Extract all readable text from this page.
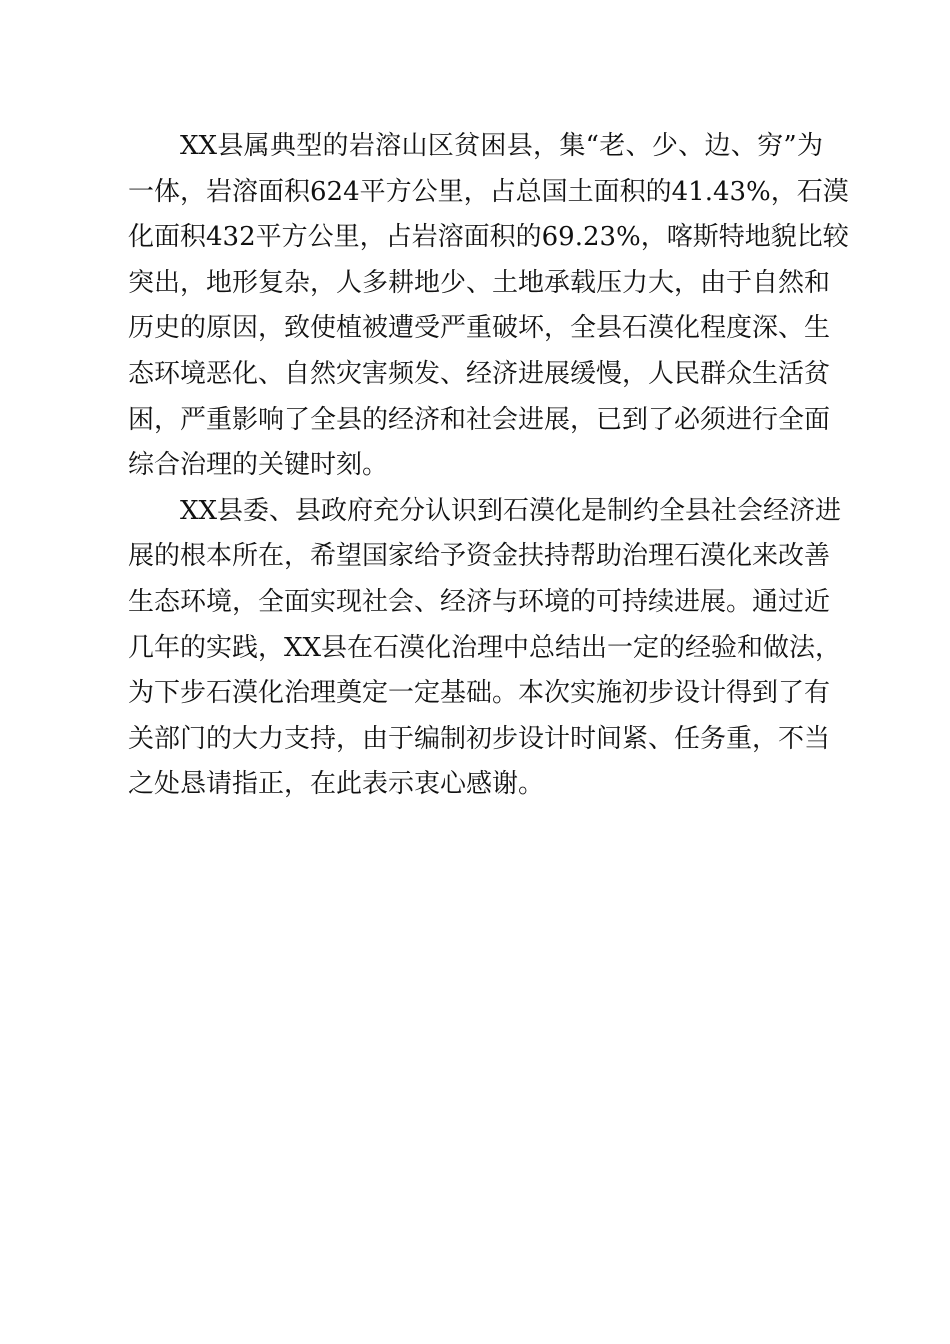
XX县属典型的岩溶山区贫困县，集“老、少、边、穷”为
一体，岩溶面积624平方公里，占总国土面积的41.43%，石漠
化面积432平方公里，占岩溶面积的69.23%，喀斯特地貌比较
突出，地形复杂，人多耕地少、土地承载压力大，由于自然和
历史的原因，致使植被遭受严重破坏，全县石漠化程度深、生
态环境恶化、自然灾害频发、经济进展缓慢，人民群众生活贫
困，严重影响了全县的经济和社会进展，已到了必须进行全面
综合治理的关键时刻。
XX县委、县政府充分认识到石漠化是制约全县社会经济进
展的根本所在，希望国家给予资金扶持帮助治理石漠化来改善
生态环境，全面实现社会、经济与环境的可持续进展。通过近
几年的实践，XX县在石漠化治理中总结出一定的经验和做法，
为下步石漠化治理奠定一定基础。本次实施初步设计得到了有
关部门的大力支持，由于编制初步设计时间紧、任务重，不当
之处恳请指正，在此表示衷心感谢。
